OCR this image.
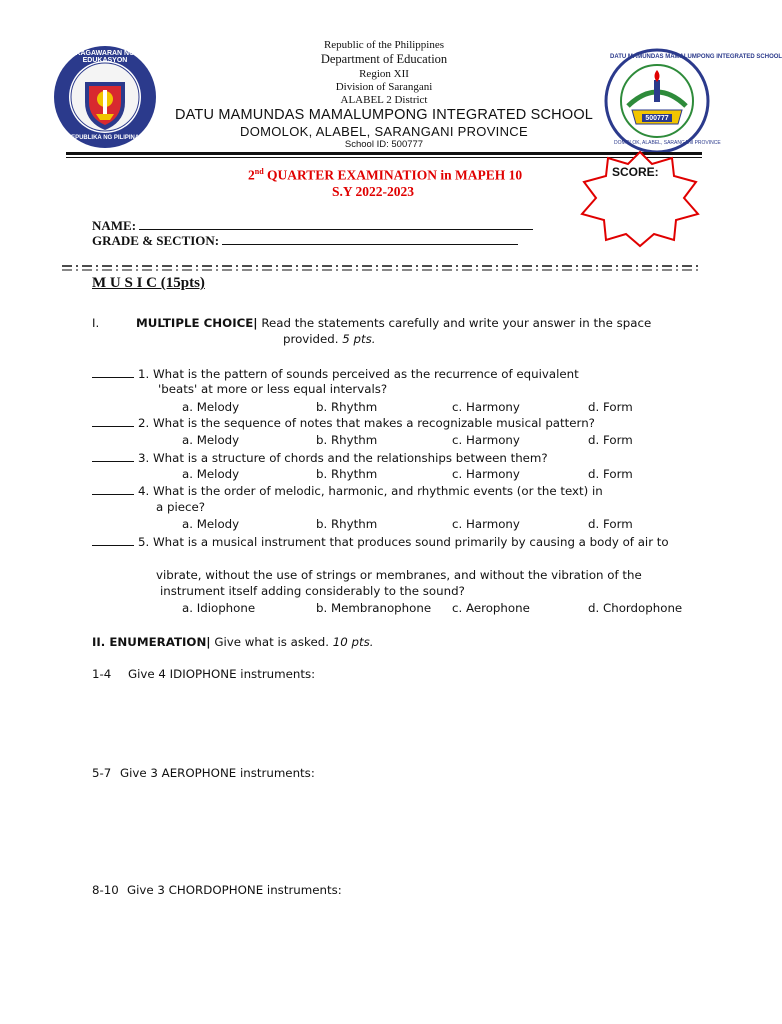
KAGAWARAN NG EDUKASYON
REPUBLIKA NG PILIPINAS
DATU MAMUNDAS MAMALUMPONG INTEGRATED SCHOOL
500777
DOMOLOK, ALABEL, SARANGANI PROVINCE
Republic of the Philippines
Department of Education
Region XII
Division of Sarangani
ALABEL 2 District
DATU MAMUNDAS MAMALUMPONG INTEGRATED SCHOOL
DOMOLOK, ALABEL, SARANGANI PROVINCE
School ID: 500777
2nd QUARTER EXAMINATION in MAPEH 10
S.Y 2022-2023
SCORE:
NAME:
GRADE & SECTION:
M U S I C (15pts)
I.	MULTIPLE CHOICE| Read the statements carefully and write your answer in the space
provided. 5 pts.
1. What is the pattern of sounds perceived as the recurrence of equivalent
'beats' at more or less equal intervals?
a. Melody	b. Rhythm	c. Harmony	d. Form
2. What is the sequence of notes that makes a recognizable musical pattern?
a. Melody	b. Rhythm	c. Harmony	d. Form
3. What is a structure of chords and the relationships between them?
a. Melody	b. Rhythm	c. Harmony	d. Form
4. What is the order of melodic, harmonic, and rhythmic events (or the text) in
a piece?
a. Melody	b. Rhythm	c. Harmony	d. Form
5. What is a musical instrument that produces sound primarily by causing a body of air to
vibrate, without the use of strings or membranes, and without the vibration of the
instrument itself adding considerably to the sound?
a. Idiophone	b. Membranophone c. Aerophone	d. Chordophone
II. ENUMERATION| Give what is asked. 10 pts.
1-4 Give 4 IDIOPHONE instruments:
5-7 Give 3 AEROPHONE instruments:
8-10 Give 3 CHORDOPHONE instruments:
